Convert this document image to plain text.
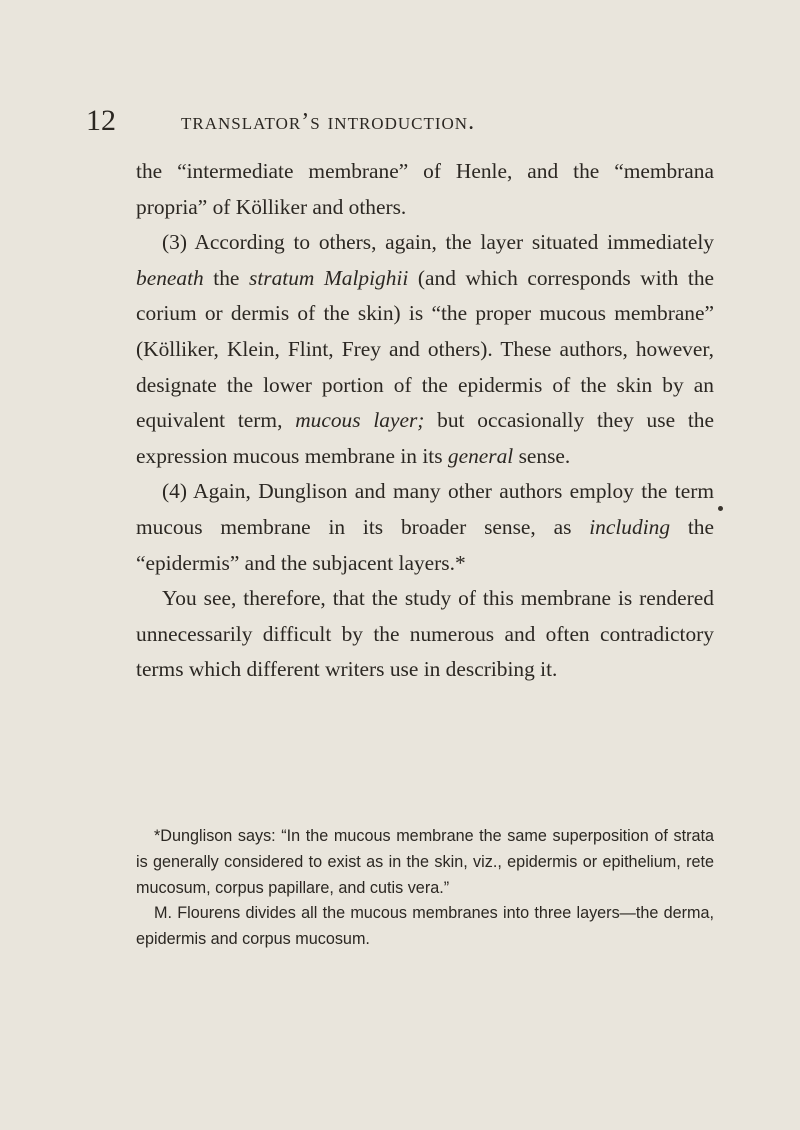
12	translator’s introduction.

the “intermediate membrane” of Henle, and the “membrana propria” of Kölliker and others.

(3) According to others, again, the layer situated immediately beneath the stratum Malpighii (and which corresponds with the corium or dermis of the skin) is “the proper mucous membrane” (Kölliker, Klein, Flint, Frey and others). These authors, however, designate the lower portion of the epidermis of the skin by an equivalent term, mucous layer; but occasionally they use the expression mucous membrane in its general sense.

(4) Again, Dunglison and many other authors employ the term mucous membrane in its broader sense, as including the “epidermis” and the subjacent layers.*

You see, therefore, that the study of this membrane is rendered unnecessarily difficult by the numerous and often contradictory terms which different writers use in describing it.

*Dunglison says: “In the mucous membrane the same superposition of strata is generally considered to exist as in the skin, viz., epidermis or epithelium, rete mucosum, corpus papillare, and cutis vera.”

M. Flourens divides all the mucous membranes into three layers—the derma, epidermis and corpus mucosum.
